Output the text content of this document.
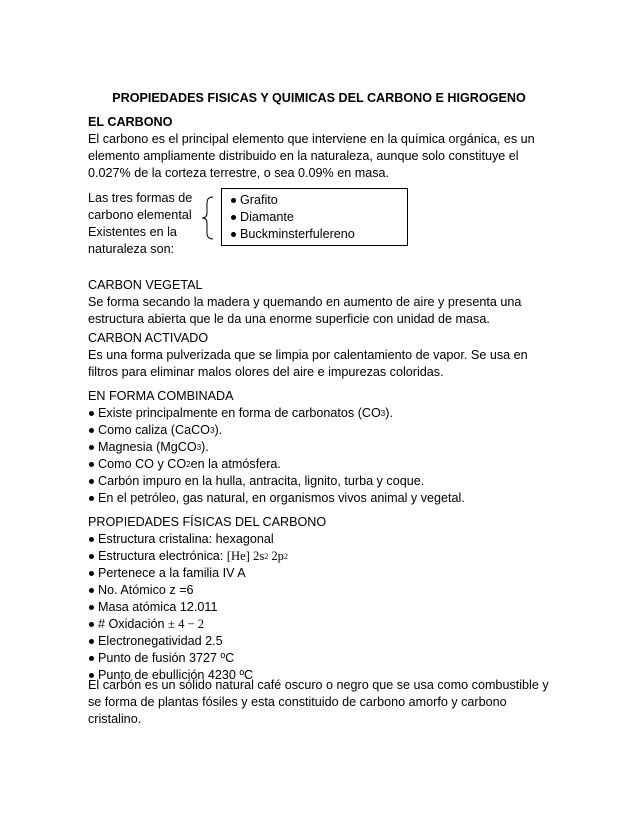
PROPIEDADES FISICAS Y QUIMICAS DEL CARBONO E HIGROGENO
EL CARBONO
El carbono es el principal elemento que interviene en la química orgánica, es un
elemento ampliamente distribuido en la naturaleza, aunque solo constituye el
0.027% de la corteza terrestre, o sea 0.09% en masa.
Las tres formas de
carbono elemental
Existentes en la
naturaleza son:
Grafito
Diamante
Buckminsterfulereno
CARBON VEGETAL
Se forma secando la madera y quemando en aumento de aire y presenta una
estructura abierta que le da una enorme superficie con unidad de masa.
CARBON ACTIVADO
Es una forma pulverizada que se limpia por calentamiento de vapor. Se usa en
filtros para eliminar malos olores del aire e impurezas coloridas.
EN FORMA COMBINADA
Existe principalmente en forma de carbonatos (CO 3 ).
Como caliza (CaCO 3 ).
Magnesia (MgCO 3 ).
Como CO y CO 2 en la atmósfera.
Carbón impuro en la hulla, antracita, lignito, turba y coque.
En el petróleo, gas natural, en organismos vivos animal y vegetal.
PROPIEDADES FÍSICAS DEL CARBONO
Estructura cristalina: hexagonal
Estructura electrónica: [He] 2s 2 2p 2
Pertenece a la familia IV A
No. Atómico z =6
Masa atómica 12.011
# Oxidación ± 4 − 2
Electronegatividad 2.5
Punto de fusión 3727 ºC
Punto de ebullición 4230 ºC
El carbón es un sólido natural café oscuro o negro que se usa como combustible y
se forma de plantas fósiles y esta constituido de carbono amorfo y carbono
cristalino.
